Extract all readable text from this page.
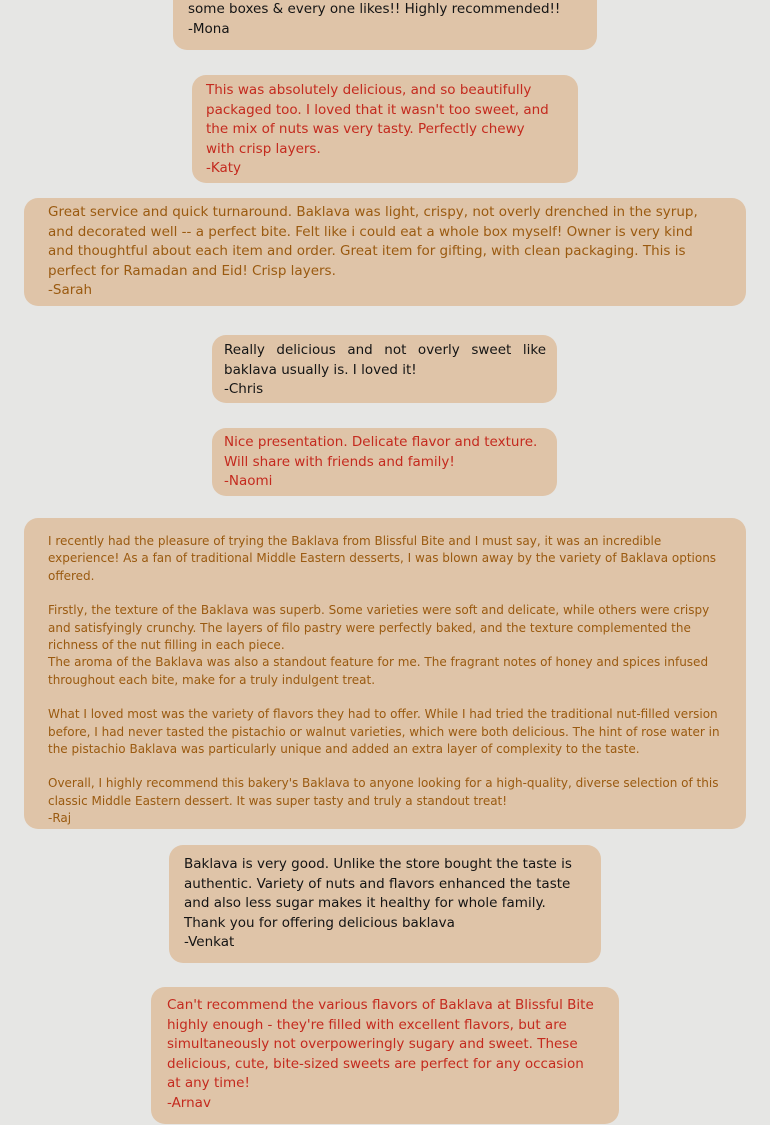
some boxes & every one likes!! Highly recommended!!

-Mona

This was absolutely delicious, and so beautifully packaged too. I loved that it wasn't too sweet, and the mix of nuts was very tasty. Perfectly chewy with crisp layers.

-Katy

Great service and quick turnaround. Baklava was light, crispy, not overly drenched in the syrup, and decorated well -- a perfect bite. Felt like i could eat a whole box myself! Owner is very kind and thoughtful about each item and order. Great item for gifting, with clean packaging. This is perfect for Ramadan and Eid! Crisp layers.

-Sarah

Really delicious and not overly sweet like baklava usually is. I loved it!

-Chris

Nice presentation. Delicate flavor and texture. Will share with friends and family!

-Naomi

I recently had the pleasure of trying the Baklava from Blissful Bite and I must say, it was an incredible experience! As a fan of traditional Middle Eastern desserts, I was blown away by the variety of Baklava options offered.

Firstly, the texture of the Baklava was superb. Some varieties were soft and delicate, while others were crispy and satisfyingly crunchy. The layers of filo pastry were perfectly baked, and the texture complemented the richness of the nut filling in each piece.

The aroma of the Baklava was also a standout feature for me. The fragrant notes of honey and spices infused throughout each bite, make for a truly indulgent treat.

What I loved most was the variety of flavors they had to offer. While I had tried the traditional nut-filled version before, I had never tasted the pistachio or walnut varieties, which were both delicious. The hint of rose water in the pistachio Baklava was particularly unique and added an extra layer of complexity to the taste.

Overall, I highly recommend this bakery's Baklava to anyone looking for a high-quality, diverse selection of this classic Middle Eastern dessert. It was super tasty and truly a standout treat!

-Raj

Baklava is very good. Unlike the store bought the taste is authentic. Variety of nuts and flavors enhanced the taste and also less sugar makes it healthy for whole family. Thank you for offering delicious baklava

-Venkat

Can't recommend the various flavors of Baklava at Blissful Bite highly enough - they're filled with excellent flavors, but are simultaneously not overpoweringly sugary and sweet. These delicious, cute, bite-sized sweets are perfect for any occasion at any time!

-Arnav
